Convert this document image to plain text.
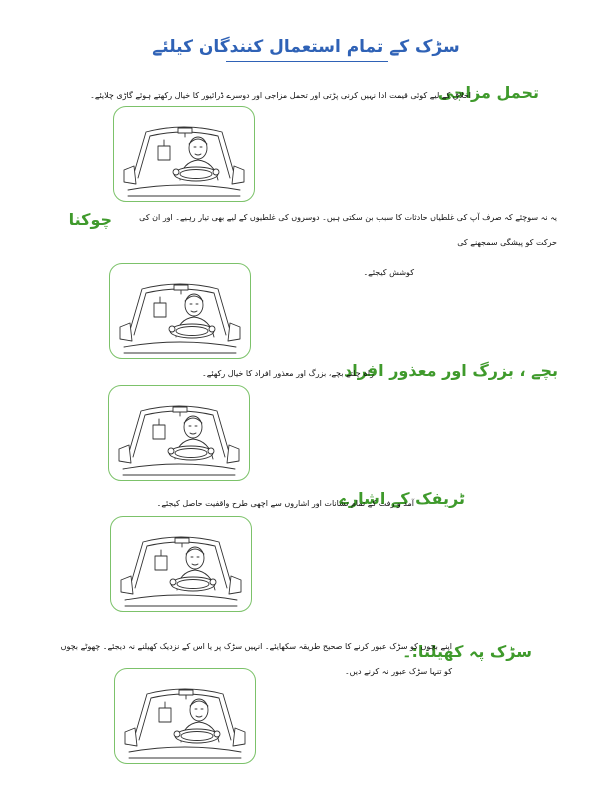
سڑک کے تمام استعمال کنندگان کیلئے
تحمل مزاجی
اخلاق کے لیے کوئی قیمت ادا نہیں کرنی پڑتی اور تحمل مزاجی اور دوسرے ڈرائیور کا خیال رکھتے ہوئے گاڑی چلایئے۔
چوکنا	یہ نہ سوچئے کہ صرف آپ کی غلطیاں حادثات کا سبب بن سکتی ہیں۔ دوسروں کی غلطیوں کے لیے بھی تیار رہیے۔ اور ان کی
حرکت کو پیشگی سمجھنے کی
کوشش کیجئے۔
بچے ، بزرگ اور معذور افراد
راہ چلتے بچے، بزرگ اور معذور افراد کا خیال رکھئے۔
ٹریفک کے اشارے
آمد و رفت کے تمام نشانات اور اشاروں سے اچھی طرح واقفیت حاصل کیجئے۔
سڑک پہ کھیلنا:۔
اپنے بچوں کو سڑک عبور کرنے کا صحیح طریقہ سکھایئے۔ انہیں سڑک پر یا اس کے نزدیک کھیلنے نہ دیجئے۔ چھوٹے بچوں
کو تنہا سڑک عبور نہ کرنے دیں۔
